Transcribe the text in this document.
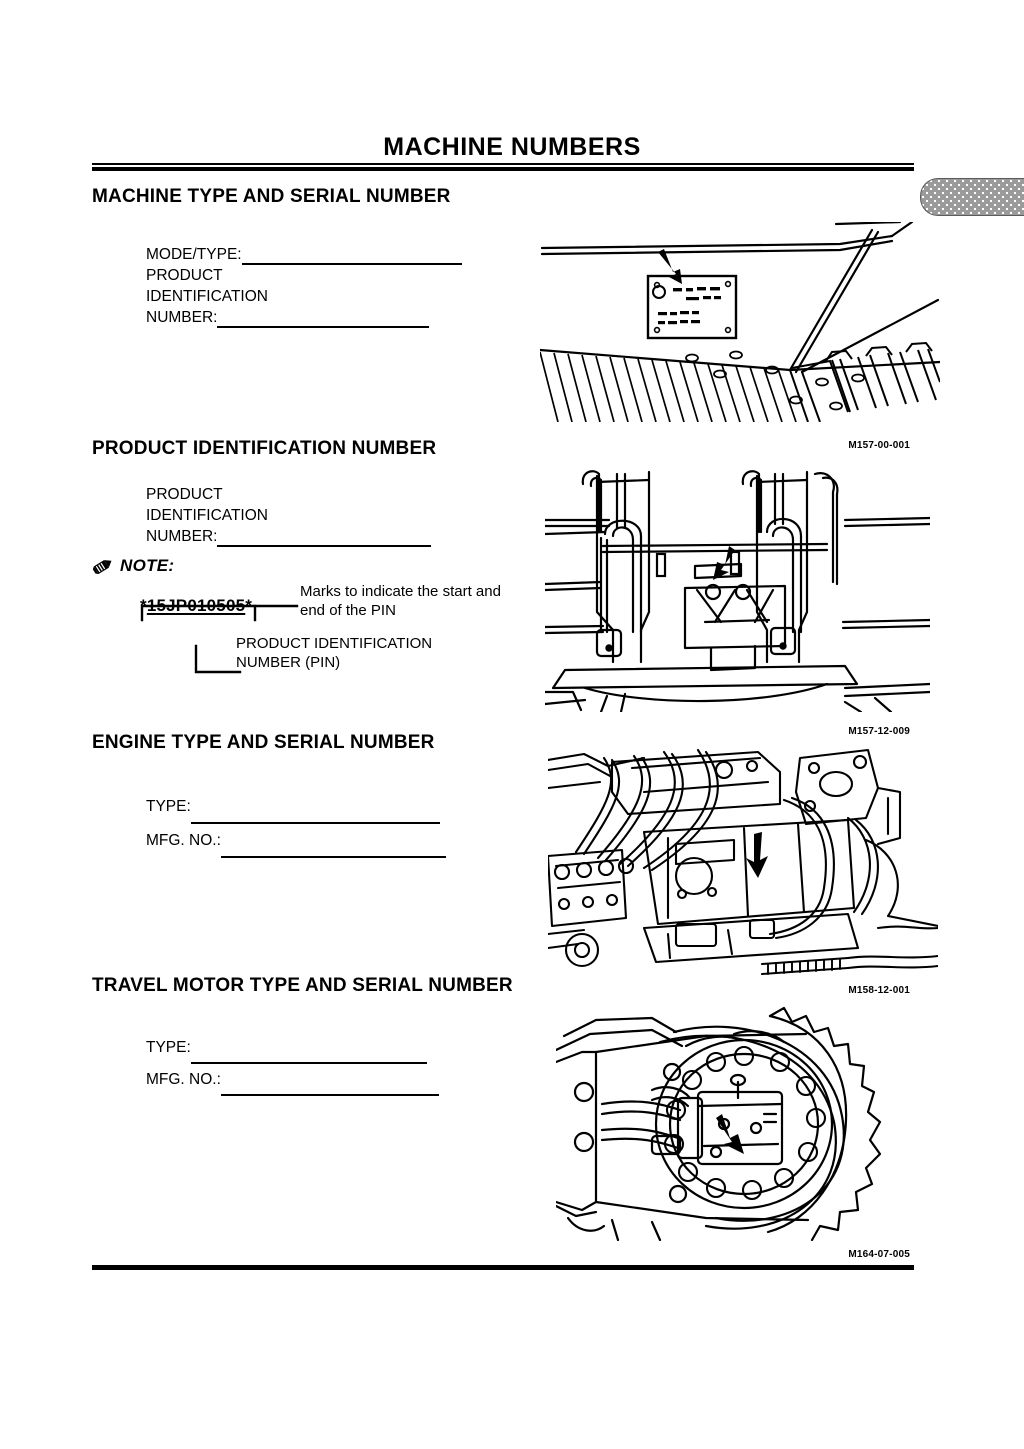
MACHINE NUMBERS
MACHINE TYPE AND SERIAL NUMBER
MODE/TYPE:
PRODUCT
IDENTIFICATION
NUMBER:
M157-00-001
PRODUCT IDENTIFICATION NUMBER
PRODUCT
IDENTIFICATION
NUMBER:
NOTE:
*15JP010505*
Marks to indicate the start and
end of the PIN
PRODUCT IDENTIFICATION
NUMBER (PIN)
M157-12-009
ENGINE TYPE AND SERIAL NUMBER
TYPE:
MFG. NO.:
M158-12-001
TRAVEL MOTOR TYPE AND SERIAL NUMBER
TYPE:
MFG. NO.:
M164-07-005
